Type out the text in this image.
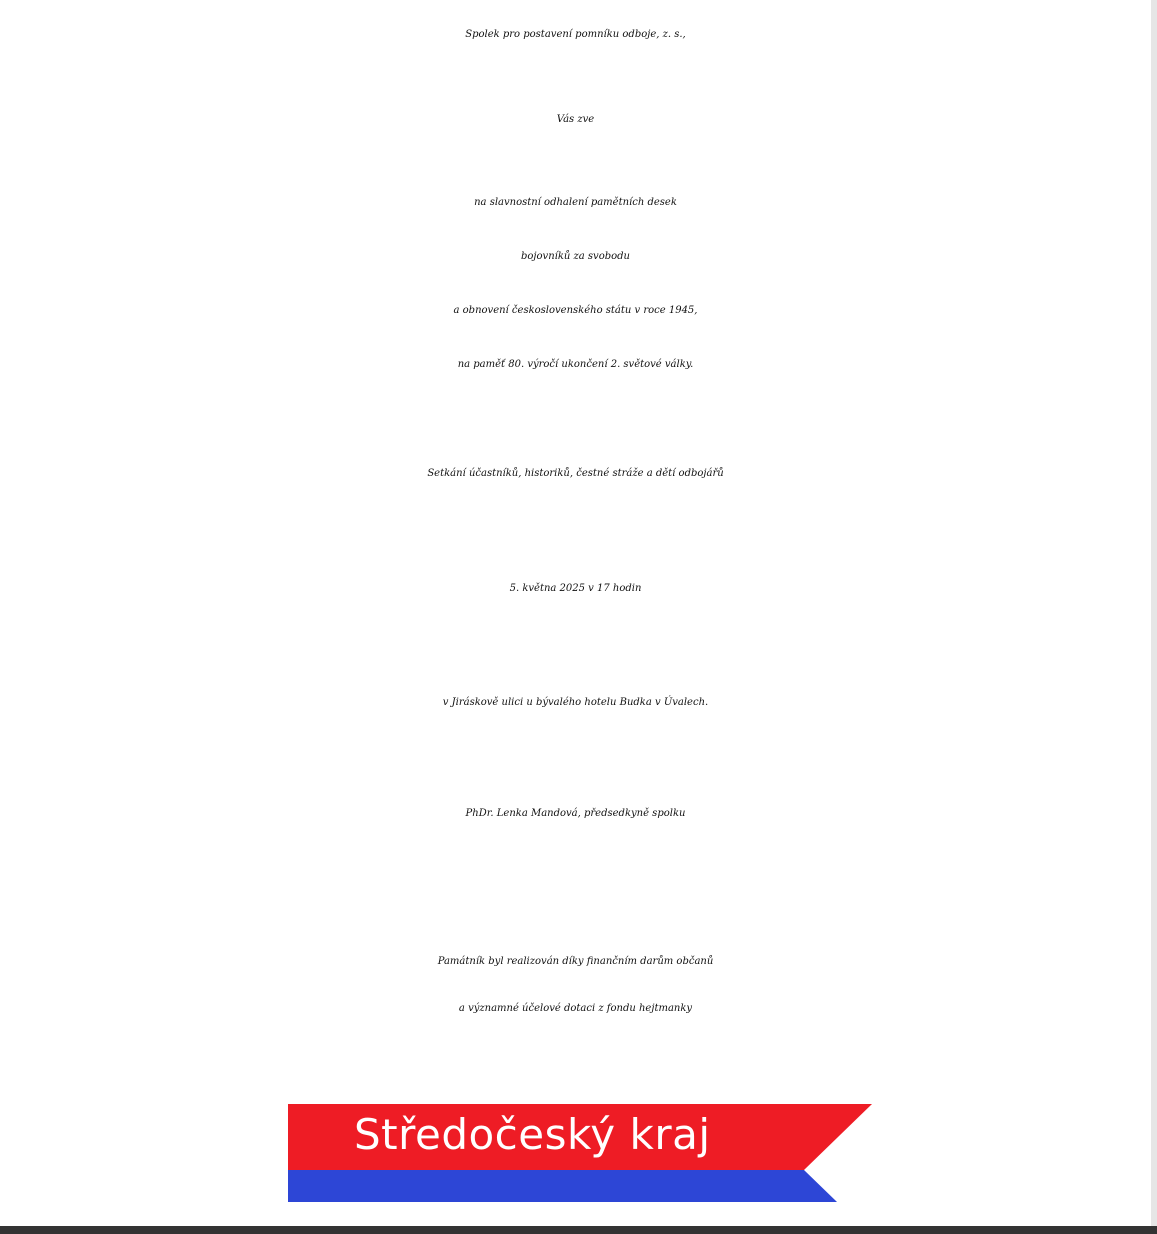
Spolek pro postavení pomníku odboje, z. s.,
Vás zve
na slavnostní odhalení pamětních desek
bojovníků za svobodu
a obnovení československého státu v roce 1945,
na paměť 80. výročí ukončení 2. světové války.
Setkání účastníků, historiků, čestné stráže a dětí odbojářů
5. května 2025 v 17 hodin
v Jiráskově ulici u bývalého hotelu Budka v Úvalech.
PhDr. Lenka Mandová, předsedkyně spolku
Památník byl realizován díky finančním darům občanů
a významné účelové dotaci z fondu hejtmanky
Středočeský kraj
